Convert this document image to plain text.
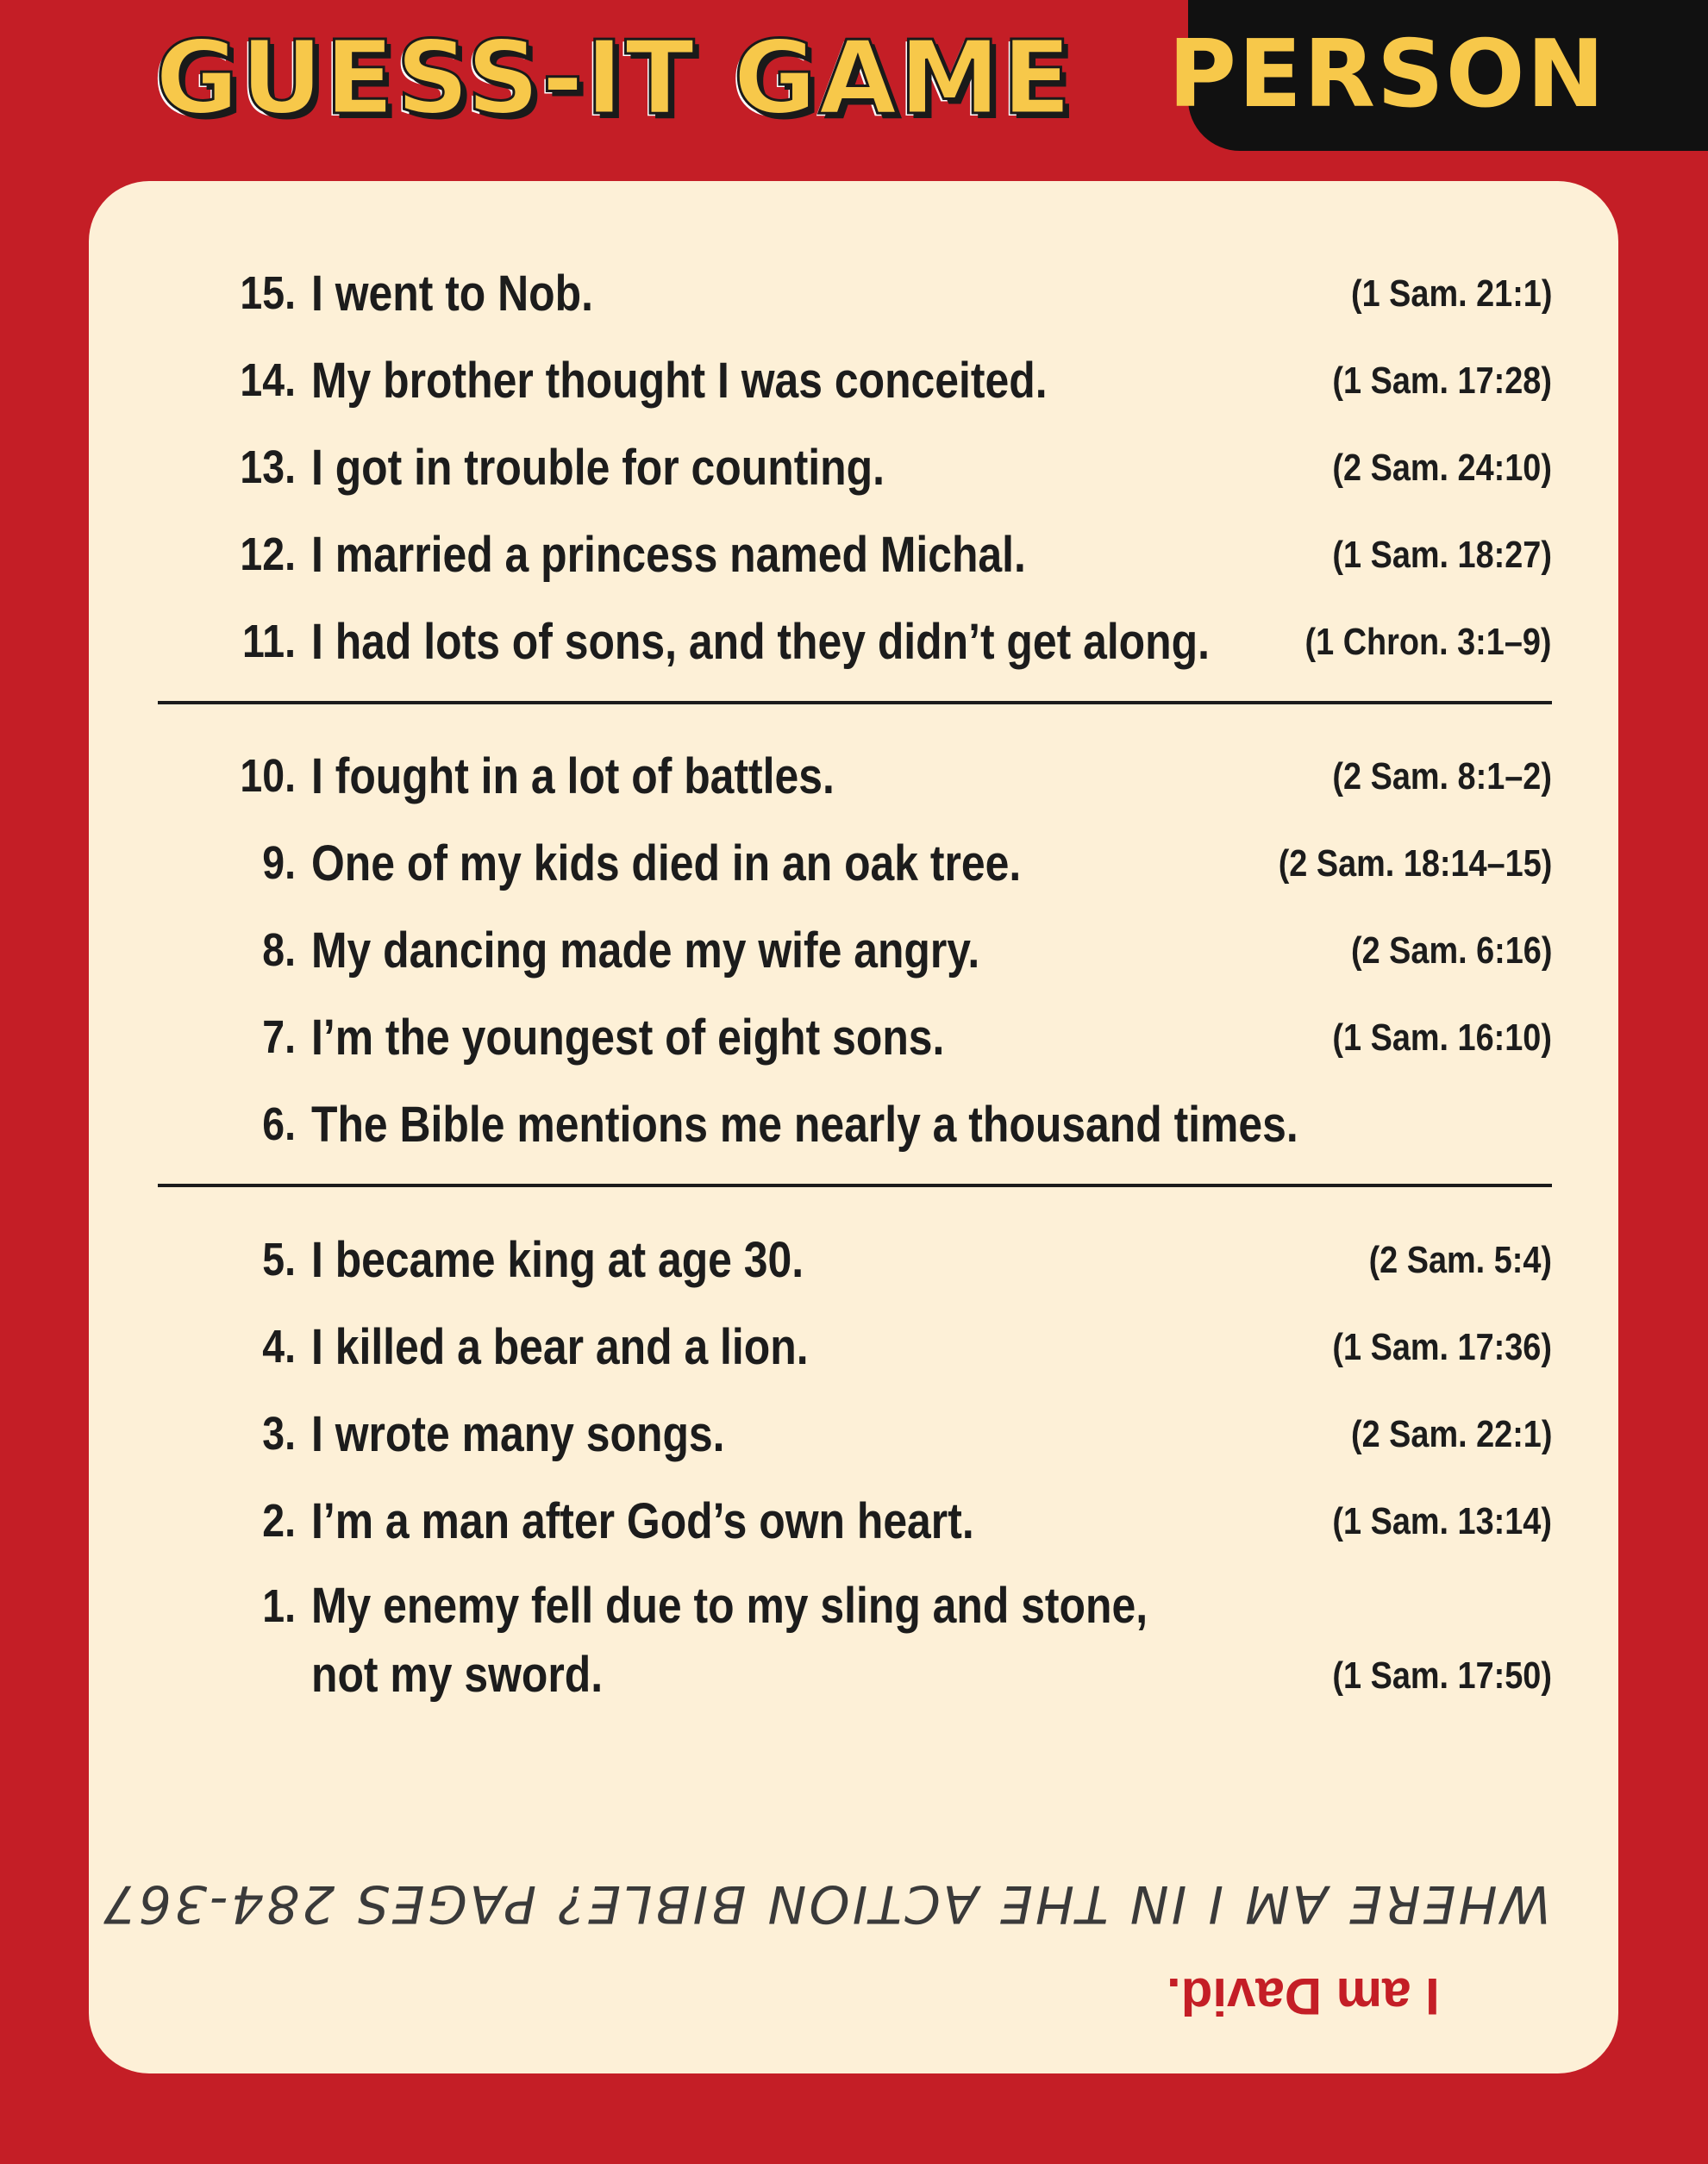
GUESS-IT GAME PERSON
15. I went to Nob.	(1 Sam. 21:1)
14. My brother thought I was conceited.	(1 Sam. 17:28)
13. I got in trouble for counting.	(2 Sam. 24:10)
12. I married a princess named Michal.	(1 Sam. 18:27)
11. I had lots of sons, and they didn’t get along.	(1 Chron. 3:1–9)
10. I fought in a lot of battles.	(2 Sam. 8:1–2)
9. One of my kids died in an oak tree.	(2 Sam. 18:14–15)
8. My dancing made my wife angry.	(2 Sam. 6:16)
7. I’m the youngest of eight sons.	(1 Sam. 16:10)
6. The Bible mentions me nearly a thousand times.
5. I became king at age 30.	(2 Sam. 5:4)
4. I killed a bear and a lion.	(1 Sam. 17:36)
3. I wrote many songs.	(2 Sam. 22:1)
2. I’m a man after God’s own heart.	(1 Sam. 13:14)
1. My enemy fell due to my sling and stone,
not my sword.	(1 Sam. 17:50)
WHERE AM I IN THE ACTION BIBLE? PAGES 284-367
I am David.
